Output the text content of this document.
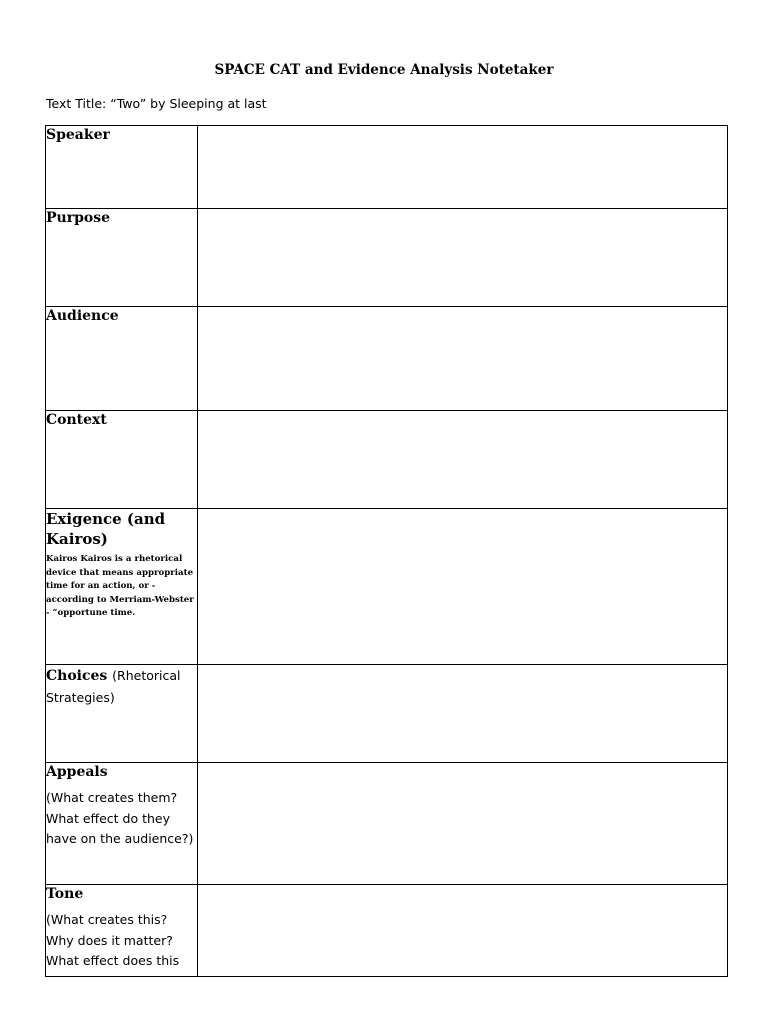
SPACE CAT and Evidence Analysis Notetaker
Text Title: “Two” by Sleeping at last
Speaker	

Purpose	

Audience	

Context	

Exigence (and Kairos)
Kairos Kairos is a rhetorical device that means appropriate time for an action, or - according to Merriam-Webster - “opportune time.	

Choices (Rhetorical Strategies)	

Appeals
(What creates them? What effect do they have on the audience?)	

Tone
(What creates this? Why does it matter? What effect does this	
